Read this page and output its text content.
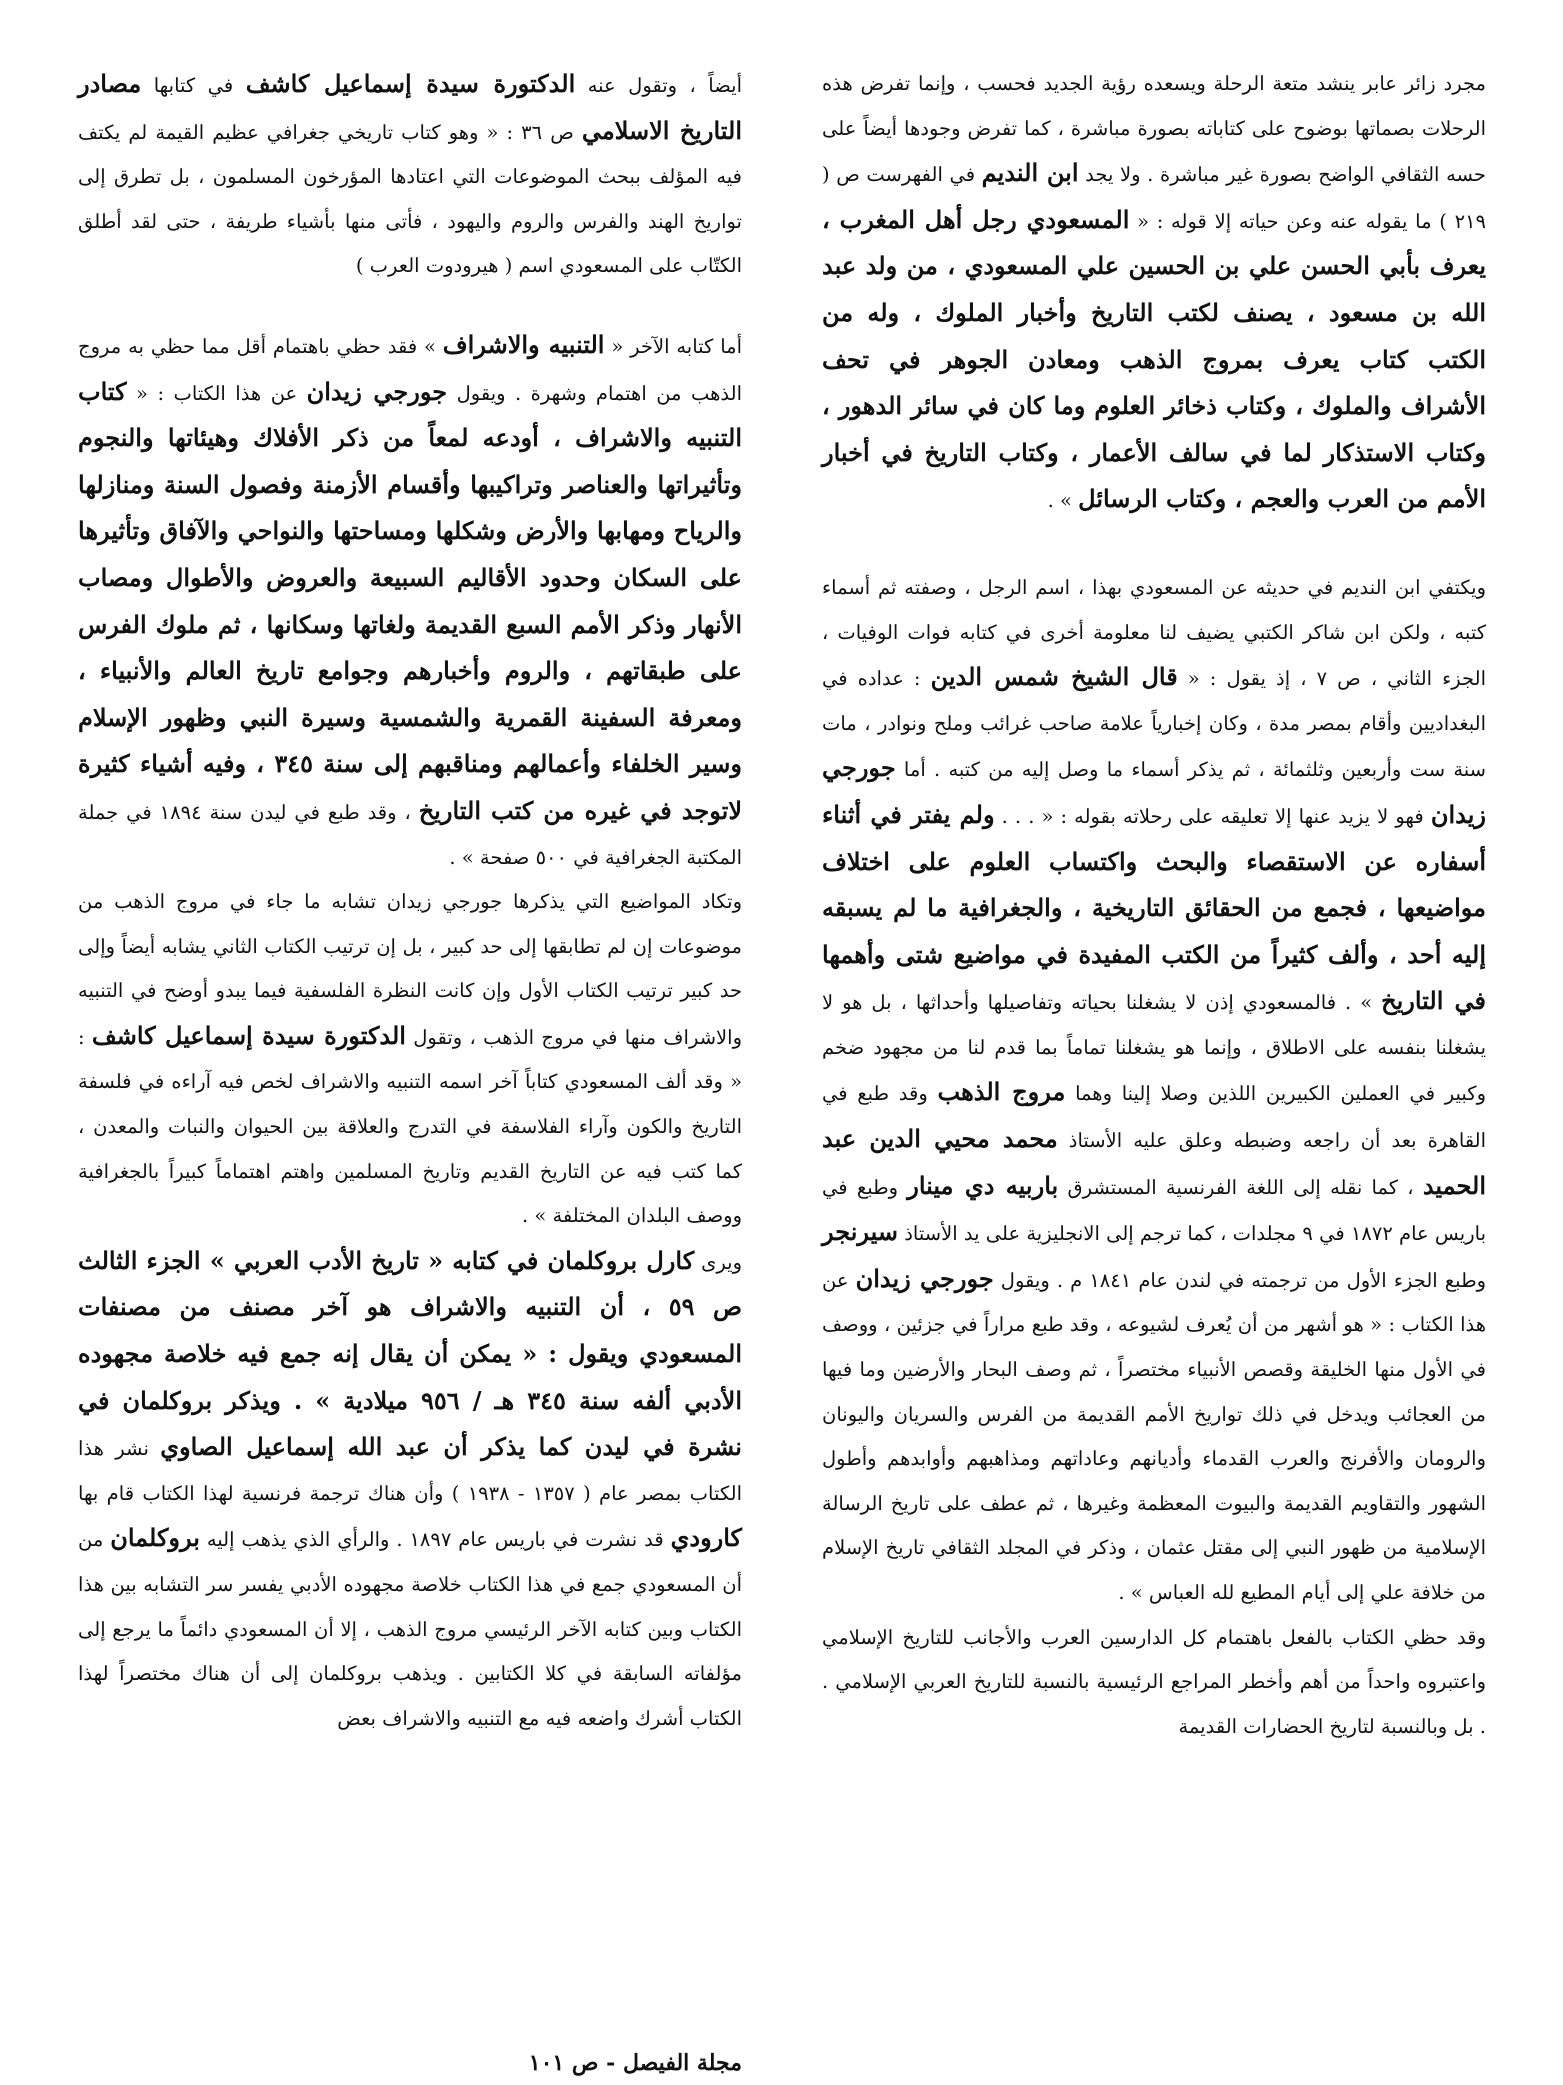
مجرد زائر عابر ينشد متعة الرحلة ويسعده رؤية الجديد فحسب ، وإنما تفرض هذه الرحلات بصماتها بوضوح على كتاباته بصورة مباشرة ، كما تفرض وجودها أيضاً على حسه الثقافي الواضح بصورة غير مباشرة . ولا يجد ابن النديم في الفهرست ص ( ٢١٩ ) ما يقوله عنه وعن حياته إلا قوله : « المسعودي رجل أهل المغرب ، يعرف بأبي الحسن علي بن الحسين علي المسعودي ، من ولد عبد الله بن مسعود ، يصنف لكتب التاريخ وأخبار الملوك ، وله من الكتب كتاب يعرف بمروج الذهب ومعادن الجوهر في تحف الأشراف والملوك ، وكتاب ذخائر العلوم وما كان في سائر الدهور ، وكتاب الاستذكار لما في سالف الأعمار ، وكتاب التاريخ في أخبار الأمم من العرب والعجم ، وكتاب الرسائل » .

ويكتفي ابن النديم في حديثه عن المسعودي بهذا ، اسم الرجل ، وصفته ثم أسماء كتبه ، ولكن ابن شاكر الكتبي يضيف لنا معلومة أخرى في كتابه فوات الوفيات ، الجزء الثاني ، ص ٧ ، إذ يقول : « قال الشيخ شمس الدين : عداده في البغداديين وأقام بمصر مدة ، وكان إخبارياً علامة صاحب غرائب وملح ونوادر ، مات سنة ست وأربعين وثلثمائة ، ثم يذكر أسماء ما وصل إليه من كتبه . أما جورجي زيدان فهو لا يزيد عنها إلا تعليقه على رحلاته بقوله : « . . . ولم يفتر في أثناء أسفاره عن الاستقصاء والبحث واكتساب العلوم على اختلاف مواضيعها ، فجمع من الحقائق التاريخية ، والجغرافية ما لم يسبقه إليه أحد ، وألف كثيراً من الكتب المفيدة في مواضيع شتى وأهمها في التاريخ » . فالمسعودي إذن لا يشغلنا بحياته وتفاصيلها وأحداثها ، بل هو لا يشغلنا بنفسه على الاطلاق ، وإنما هو يشغلنا تماماً بما قدم لنا من مجهود ضخم وكبير في العملين الكبيرين اللذين وصلا إلينا وهما مروج الذهب وقد طبع في القاهرة بعد أن راجعه وضبطه وعلق عليه الأستاذ محمد محيي الدين عبد الحميد ، كما نقله إلى اللغة الفرنسية المستشرق باربيه دي مينار وطبع في باريس عام ١٨٧٢ في ٩ مجلدات ، كما ترجم إلى الانجليزية على يد الأستاذ سيرنجر وطبع الجزء الأول من ترجمته في لندن عام ١٨٤١ م . ويقول جورجي زيدان عن هذا الكتاب : « هو أشهر من أن يُعرف لشيوعه ، وقد طبع مراراً في جزئين ، ووصف في الأول منها الخليقة وقصص الأنبياء مختصراً ، ثم وصف البحار والأرضين وما فيها من العجائب ويدخل في ذلك تواريخ الأمم القديمة من الفرس والسريان واليونان والرومان والأفرنج والعرب القدماء وأديانهم وعاداتهم ومذاهبهم وأوابدهم وأطول الشهور والتقاويم القديمة والبيوت المعظمة وغيرها ، ثم عطف على تاريخ الرسالة الإسلامية من ظهور النبي إلى مقتل عثمان ، وذكر في المجلد الثقافي تاريخ الإسلام من خلافة علي إلى أيام المطيع لله العباس » .

وقد حظي الكتاب بالفعل باهتمام كل الدارسين العرب والأجانب للتاريخ الإسلامي واعتبروه واحداً من أهم وأخطر المراجع الرئيسية بالنسبة للتاريخ العربي الإسلامي . . بل وبالنسبة لتاريخ الحضارات القديمة

أيضاً ، وتقول عنه الدكتورة سيدة إسماعيل كاشف في كتابها مصادر التاريخ الاسلامي ص ٣٦ : « وهو كتاب تاريخي جغرافي عظيم القيمة لم يكتف فيه المؤلف ببحث الموضوعات التي اعتادها المؤرخون المسلمون ، بل تطرق إلى تواريخ الهند والفرس والروم واليهود ، فأتى منها بأشياء طريفة ، حتى لقد أطلق الكتّاب على المسعودي اسم ( هيرودوت العرب )

أما كتابه الآخر « التنبيه والاشراف » فقد حظي باهتمام أقل مما حظي به مروج الذهب من اهتمام وشهرة . ويقول جورجي زيدان عن هذا الكتاب : « كتاب التنبيه والاشراف ، أودعه لمعاً من ذكر الأفلاك وهيئاتها والنجوم وتأثيراتها والعناصر وتراكيبها وأقسام الأزمنة وفصول السنة ومنازلها والرياح ومهابها والأرض وشكلها ومساحتها والنواحي والآفاق وتأثيرها على السكان وحدود الأقاليم السبيعة والعروض والأطوال ومصاب الأنهار وذكر الأمم السبع القديمة ولغاتها وسكانها ، ثم ملوك الفرس على طبقاتهم ، والروم وأخبارهم وجوامع تاريخ العالم والأنبياء ، ومعرفة السفينة القمرية والشمسية وسيرة النبي وظهور الإسلام وسير الخلفاء وأعمالهم ومناقبهم إلى سنة ٣٤٥ ، وفيه أشياء كثيرة لاتوجد في غيره من كتب التاريخ ، وقد طبع في ليدن سنة ١٨٩٤ في جملة المكتبة الجغرافية في ٥٠٠ صفحة » .

وتكاد المواضيع التي يذكرها جورجي زيدان تشابه ما جاء في مروج الذهب من موضوعات إن لم تطابقها إلى حد كبير ، بل إن ترتيب الكتاب الثاني يشابه أيضاً وإلى حد كبير ترتيب الكتاب الأول وإن كانت النظرة الفلسفية فيما يبدو أوضح في التنبيه والاشراف منها في مروج الذهب ، وتقول الدكتورة سيدة إسماعيل كاشف : « وقد ألف المسعودي كتاباً آخر اسمه التنبيه والاشراف لخص فيه آراءه في فلسفة التاريخ والكون وآراء الفلاسفة في التدرج والعلاقة بين الحيوان والنبات والمعدن ، كما كتب فيه عن التاريخ القديم وتاريخ المسلمين واهتم اهتماماً كبيراً بالجغرافية ووصف البلدان المختلفة » .

ويرى كارل بروكلمان في كتابه « تاريخ الأدب العربي » الجزء الثالث ص ٥٩ ، أن التنبيه والاشراف هو آخر مصنف من مصنفات المسعودي ويقول : « يمكن أن يقال إنه جمع فيه خلاصة مجهوده الأدبي ألفه سنة ٣٤٥ هـ / ٩٥٦ ميلادية » . ويذكر بروكلمان في نشرة في ليدن كما يذكر أن عبد الله إسماعيل الصاوي نشر هذا الكتاب بمصر عام ( ١٣٥٧ - ١٩٣٨ ) وأن هناك ترجمة فرنسية لهذا الكتاب قام بها كارودي قد نشرت في باريس عام ١٨٩٧ . والرأي الذي يذهب إليه بروكلمان من أن المسعودي جمع في هذا الكتاب خلاصة مجهوده الأدبي يفسر سر التشابه بين هذا الكتاب وبين كتابه الآخر الرئيسي مروج الذهب ، إلا أن المسعودي دائماً ما يرجع إلى مؤلفاته السابقة في كلا الكتابين . ويذهب بروكلمان إلى أن هناك مختصراً لهذا الكتاب أشرك واضعه فيه مع التنبيه والاشراف بعض

مجلة الفيصل - ص ١٠١
